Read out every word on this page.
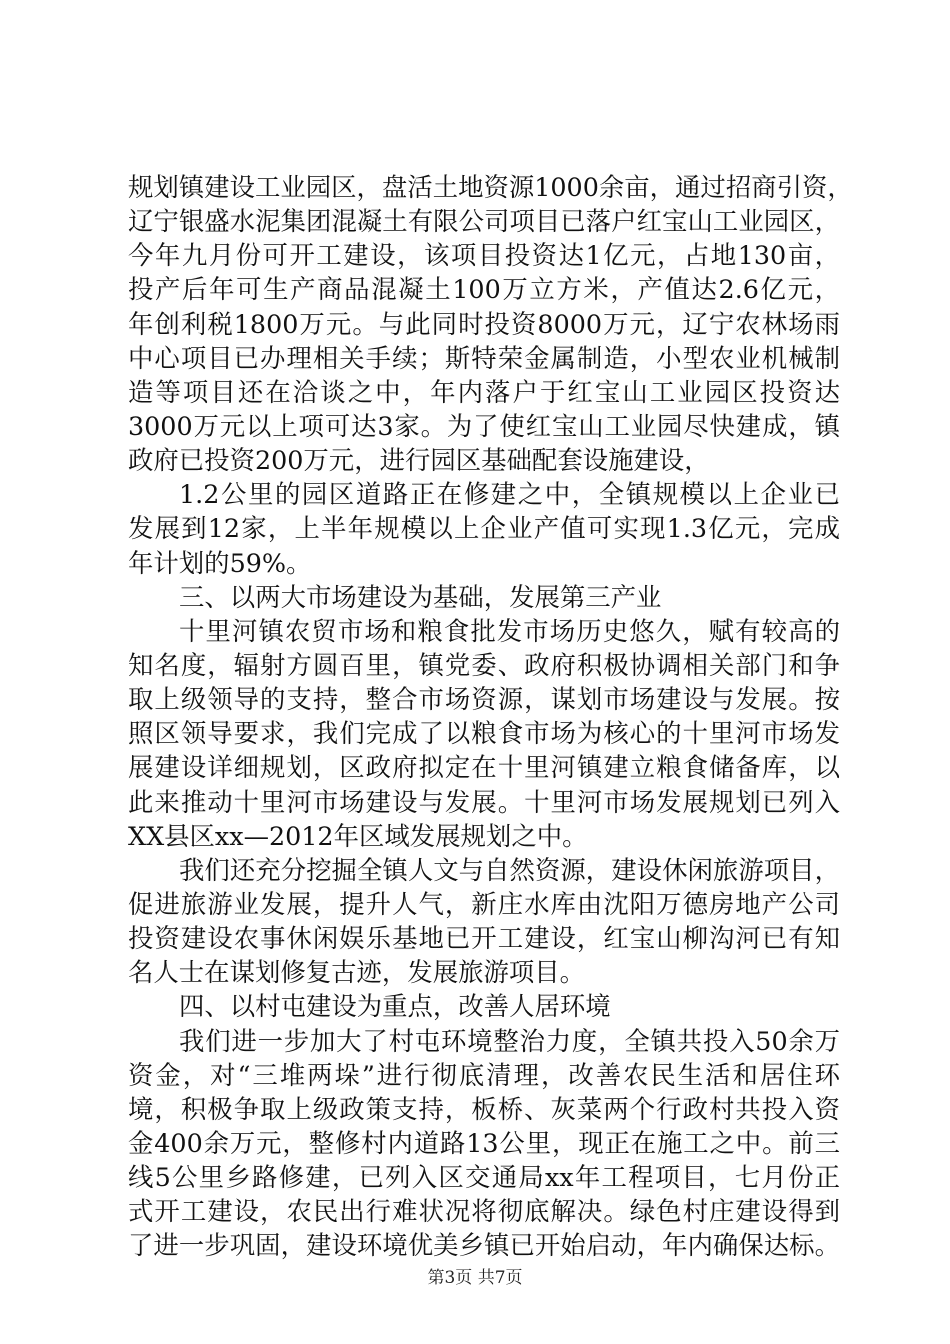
规划镇建设工业园区，盘活土地资源1000余亩，通过招商引资，
辽宁银盛水泥集团混凝土有限公司项目已落户红宝山工业园区，
今年九月份可开工建设，该项目投资达1亿元，占地130亩，
投产后年可生产商品混凝土100万立方米，产值达2.6亿元，
年创利税1800万元。与此同时投资8000万元，辽宁农林场雨
中心项目已办理相关手续；斯特荣金属制造，小型农业机械制
造等项目还在洽谈之中，年内落户于红宝山工业园区投资达
3000万元以上项可达3家。为了使红宝山工业园尽快建成，镇
政府已投资200万元，进行园区基础配套设施建设，
1.2公里的园区道路正在修建之中，全镇规模以上企业已
发展到12家，上半年规模以上企业产值可实现1.3亿元，完成
年计划的59%。
三、以两大市场建设为基础，发展第三产业
十里河镇农贸市场和粮食批发市场历史悠久，赋有较高的
知名度，辐射方圆百里，镇党委、政府积极协调相关部门和争
取上级领导的支持，整合市场资源，谋划市场建设与发展。按
照区领导要求，我们完成了以粮食市场为核心的十里河市场发
展建设详细规划，区政府拟定在十里河镇建立粮食储备库，以
此来推动十里河市场建设与发展。十里河市场发展规划已列入
XX县区xx—2012年区域发展规划之中。
我们还充分挖掘全镇人文与自然资源，建设休闲旅游项目，
促进旅游业发展，提升人气，新庄水库由沈阳万德房地产公司
投资建设农事休闲娱乐基地已开工建设，红宝山柳沟河已有知
名人士在谋划修复古迹，发展旅游项目。
四、以村屯建设为重点，改善人居环境
我们进一步加大了村屯环境整治力度，全镇共投入50余万
资金，对“三堆两垛”进行彻底清理，改善农民生活和居住环
境，积极争取上级政策支持，板桥、灰菜两个行政村共投入资
金400余万元，整修村内道路13公里，现正在施工之中。前三
线5公里乡路修建，已列入区交通局xx年工程项目，七月份正
式开工建设，农民出行难状况将彻底解决。绿色村庄建设得到
了进一步巩固，建设环境优美乡镇已开始启动，年内确保达标。
第3页 共7页
